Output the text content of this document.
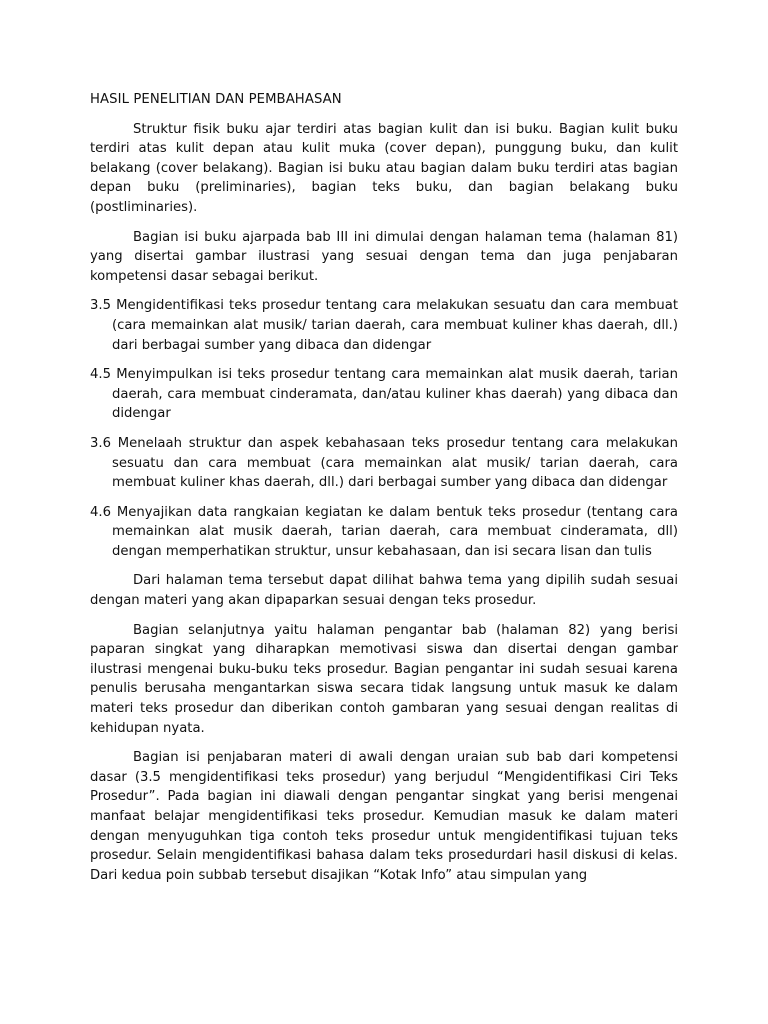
HASIL PENELITIAN DAN PEMBAHASAN

Struktur fisik buku ajar terdiri atas bagian kulit dan isi buku. Bagian kulit buku terdiri atas kulit depan atau kulit muka (cover depan), punggung buku, dan kulit belakang (cover belakang). Bagian isi buku atau bagian dalam buku terdiri atas bagian depan buku (preliminaries), bagian teks buku, dan bagian belakang buku (postliminaries).

Bagian isi buku ajarpada bab III ini dimulai dengan halaman tema (halaman 81) yang disertai gambar ilustrasi yang sesuai dengan tema dan juga penjabaran kompetensi dasar sebagai berikut.

3.5 Mengidentifikasi teks prosedur tentang cara melakukan sesuatu dan cara membuat (cara memainkan alat musik/ tarian daerah, cara membuat kuliner khas daerah, dll.) dari berbagai sumber yang dibaca dan didengar
4.5 Menyimpulkan isi teks prosedur tentang cara memainkan alat musik daerah, tarian daerah, cara membuat cinderamata, dan/atau kuliner khas daerah) yang dibaca dan didengar
3.6 Menelaah struktur dan aspek kebahasaan teks prosedur tentang cara melakukan sesuatu dan cara membuat (cara memainkan alat musik/ tarian daerah, cara membuat kuliner khas daerah, dll.) dari berbagai sumber yang dibaca dan didengar
4.6 Menyajikan data rangkaian kegiatan ke dalam bentuk teks prosedur (tentang cara memainkan alat musik daerah, tarian daerah, cara membuat cinderamata, dll) dengan memperhatikan struktur, unsur kebahasaan, dan isi secara lisan dan tulis

Dari halaman tema tersebut dapat dilihat bahwa tema yang dipilih sudah sesuai dengan materi yang akan dipaparkan sesuai dengan teks prosedur.

Bagian selanjutnya yaitu halaman pengantar bab (halaman 82) yang berisi paparan singkat yang diharapkan memotivasi siswa dan disertai dengan gambar ilustrasi mengenai buku-buku teks prosedur. Bagian pengantar ini sudah sesuai karena penulis berusaha mengantarkan siswa secara tidak langsung untuk masuk ke dalam materi teks prosedur dan diberikan contoh gambaran yang sesuai dengan realitas di kehidupan nyata.

Bagian isi penjabaran materi di awali dengan uraian sub bab dari kompetensi dasar (3.5 mengidentifikasi teks prosedur) yang berjudul “Mengidentifikasi Ciri Teks Prosedur”. Pada bagian ini diawali dengan pengantar singkat yang berisi mengenai manfaat belajar mengidentifikasi teks prosedur. Kemudian masuk ke dalam materi dengan menyuguhkan tiga contoh teks prosedur untuk mengidentifikasi tujuan teks prosedur. Selain mengidentifikasi bahasa dalam teks prosedurdari hasil diskusi di kelas. Dari kedua poin subbab tersebut disajikan “Kotak Info” atau simpulan yang
